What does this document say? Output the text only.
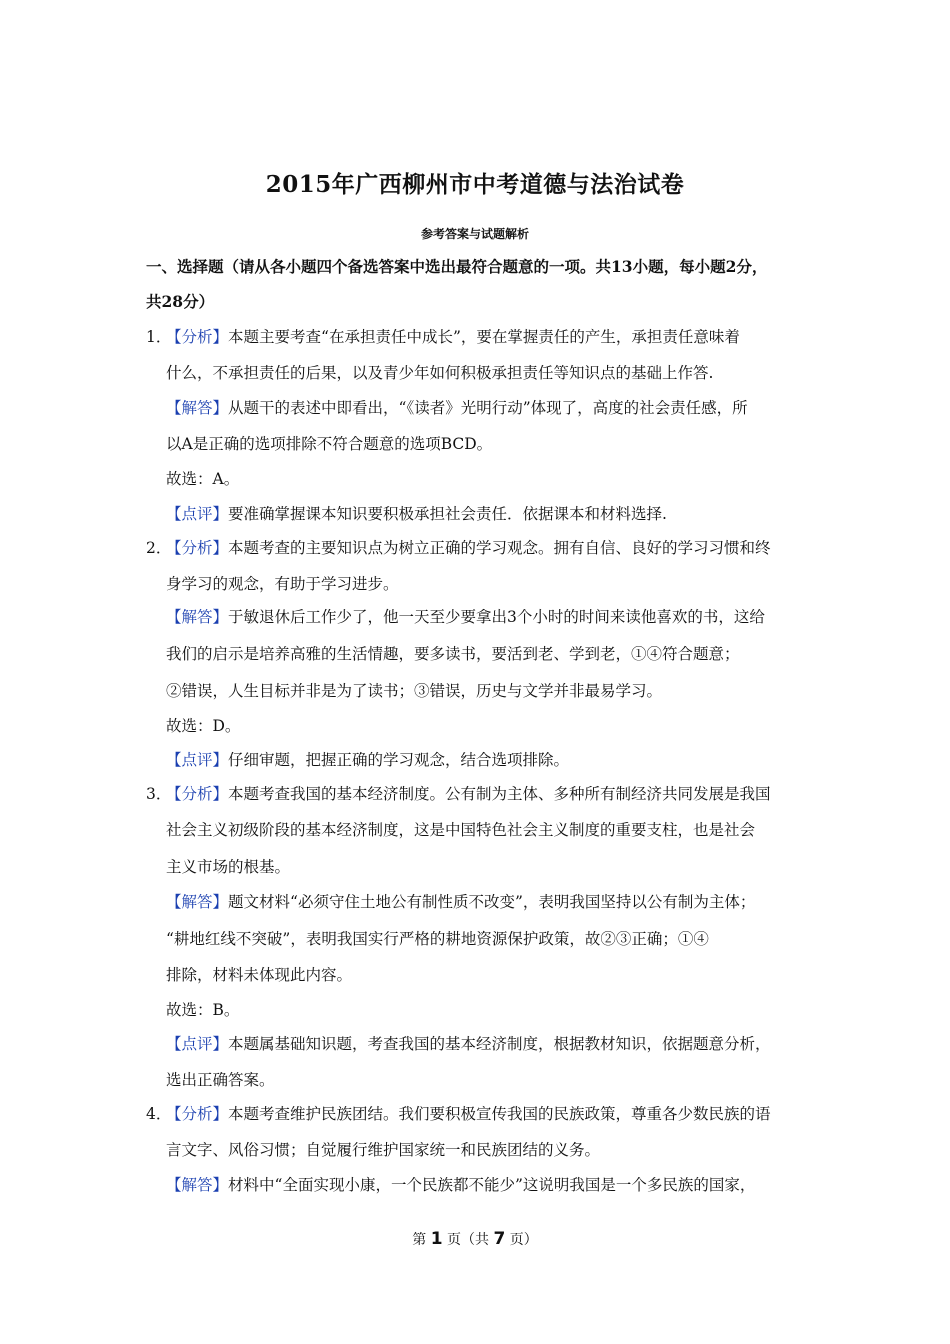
2015年广西柳州市中考道德与法治试卷
参考答案与试题解析
一、选择题（请从各小题四个备选答案中选出最符合题意的一项。共13小题，每小题2分，
共28分）
1．
【分析】本题主要考查“在承担责任中成长”，要在掌握责任的产生，承担责任意味着
什么，不承担责任的后果，以及青少年如何积极承担责任等知识点的基础上作答.
【解答】从题干的表述中即看出，“《读者》光明行动”体现了，高度的社会责任感，所
以A是正确的选项排除不符合题意的选项BCD。
故选：A。
【点评】要准确掌握课本知识要积极承担社会责任．依据课本和材料选择.
2．
【分析】本题考查的主要知识点为树立正确的学习观念。拥有自信、良好的学习习惯和终
身学习的观念，有助于学习进步。
【解答】于敏退休后工作少了，他一天至少要拿出3个小时的时间来读他喜欢的书，这给
我们的启示是培养高雅的生活情趣，要多读书，要活到老、学到老，①④符合题意；
②错误，人生目标并非是为了读书；③错误，历史与文学并非最易学习。
故选：D。
【点评】仔细审题，把握正确的学习观念，结合选项排除。
3．
【分析】本题考查我国的基本经济制度。公有制为主体、多种所有制经济共同发展是我国
社会主义初级阶段的基本经济制度，这是中国特色社会主义制度的重要支柱，也是社会
主义市场的根基。
【解答】题文材料“必须守住土地公有制性质不改变”，表明我国坚持以公有制为主体；
“耕地红线不突破”，表明我国实行严格的耕地资源保护政策，故②③正确；①④
排除，材料未体现此内容。
故选：B。
【点评】本题属基础知识题，考查我国的基本经济制度，根据教材知识，依据题意分析，
选出正确答案。
4．
【分析】本题考查维护民族团结。我们要积极宣传我国的民族政策，尊重各少数民族的语
言文字、风俗习惯；自觉履行维护国家统一和民族团结的义务。
【解答】材料中“全面实现小康，一个民族都不能少”这说明我国是一个多民族的国家，
第 1 页（共 7 页）
